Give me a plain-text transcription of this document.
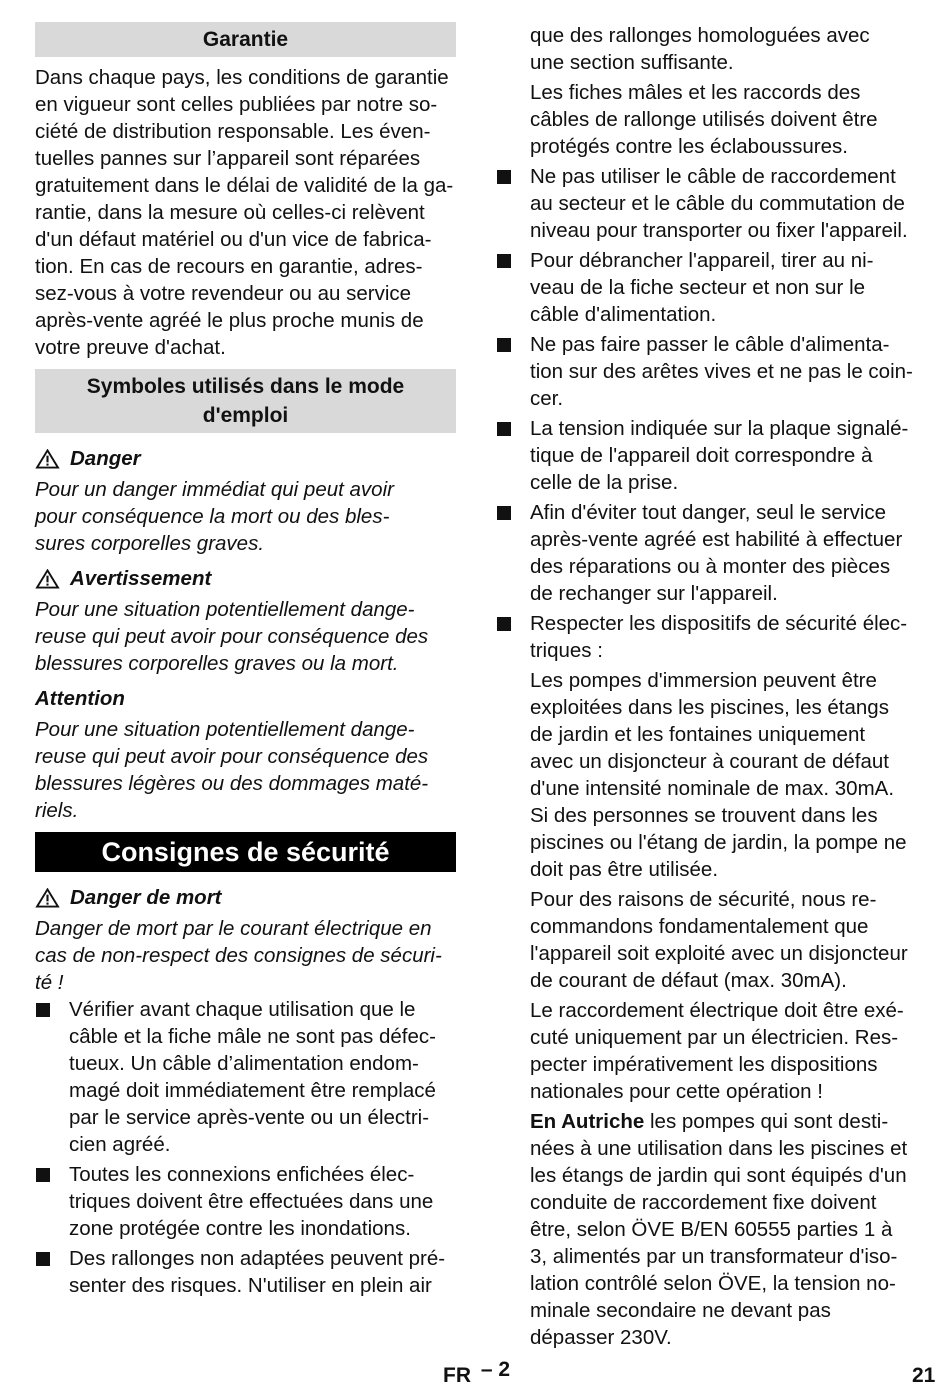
Garantie

Dans chaque pays, les conditions de garantie
en vigueur sont celles publiées par notre so-
ciété de distribution responsable. Les éven-
tuelles pannes sur l’appareil sont réparées
gratuitement dans le délai de validité de la ga-
rantie, dans la mesure où celles-ci relèvent
d'un défaut matériel ou d'un vice de fabrica-
tion. En cas de recours en garantie, adres-
sez-vous à votre revendeur ou au service
après-vente agréé le plus proche munis de
votre preuve d'achat.

Symboles utilisés dans le mode
d'emploi
Danger

Pour un danger immédiat qui peut avoir
pour conséquence la mort ou des bles-
sures corporelles graves.

Avertissement

Pour une situation potentiellement dange-
reuse qui peut avoir pour conséquence des
blessures corporelles graves ou la mort.

Attention

Pour une situation potentiellement dange-
reuse qui peut avoir pour conséquence des
blessures légères ou des dommages maté-
riels.

Consignes de sécurité
Danger de mort

Danger de mort par le courant électrique en
cas de non-respect des consignes de sécuri-
té !

Vérifier avant chaque utilisation que le
câble et la fiche mâle ne sont pas défec-
tueux. Un câble d’alimentation endom-
magé doit immédiatement être remplacé
par le service après-vente ou un électri-
cien agréé.

Toutes les connexions enfichées élec-
triques doivent être effectuées dans une
zone protégée contre les inondations.

Des rallonges non adaptées peuvent pré-
senter des risques. N'utiliser en plein air

que des rallonges homologuées avec
une section suffisante.

Les fiches mâles et les raccords des
câbles de rallonge utilisés doivent être
protégés contre les éclaboussures.

Ne pas utiliser le câble de raccordement
au secteur et le câble du commutation de
niveau pour transporter ou fixer l'appareil.

Pour débrancher l'appareil, tirer au ni-
veau de la fiche secteur et non sur le
câble d'alimentation.

Ne pas faire passer le câble d'alimenta-
tion sur des arêtes vives et ne pas le coin-
cer.

La tension indiquée sur la plaque signalé-
tique de l'appareil doit correspondre à
celle de la prise.

Afin d'éviter tout danger, seul le service
après-vente agréé est habilité à effectuer
des réparations ou à monter des pièces
de rechanger sur l'appareil.

Respecter les dispositifs de sécurité élec-
triques :

Les pompes d'immersion peuvent être
exploitées dans les piscines, les étangs
de jardin et les fontaines uniquement
avec un disjoncteur à courant de défaut
d'une intensité nominale de max. 30mA.
Si des personnes se trouvent dans les
piscines ou l'étang de jardin, la pompe ne
doit pas être utilisée.

Pour des raisons de sécurité, nous re-
commandons fondamentalement que
l'appareil soit exploité avec un disjoncteur
de courant de défaut (max. 30mA).

Le raccordement électrique doit être exé-
cuté uniquement par un électricien. Res-
pecter impérativement les dispositions
nationales pour cette opération !

En Autriche les pompes qui sont desti-
nées à une utilisation dans les piscines et
les étangs de jardin qui sont équipés d'un
conduite de raccordement fixe doivent
être, selon ÖVE B/EN 60555 parties 1 à
3, alimentés par un transformateur d'iso-
lation contrôlé selon ÖVE, la tension no-
minale secondaire ne devant pas
dépasser 230V.

FR – 2	21
